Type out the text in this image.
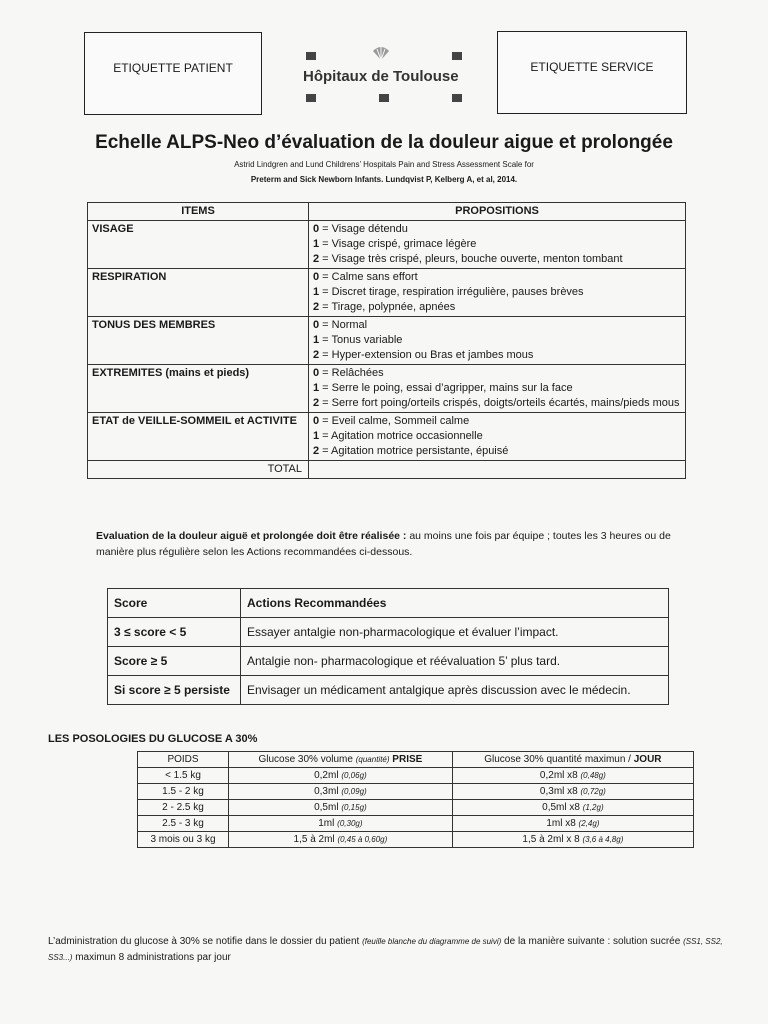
ETIQUETTE PATIENT	ETIQUETTE SERVICE
Hôpitaux de Toulouse
Echelle ALPS-Neo d’évaluation de la douleur aigue et prolongée
Astrid Lindgren and Lund Childrens’ Hospitals Pain and Stress Assessment Scale for
Preterm and Sick Newborn Infants. Lundqvist P, Kelberg A, et al, 2014.
ITEMS	PROPOSITIONS
VISAGE	0 = Visage détendu
1 = Visage crispé, grimace légère
2 = Visage très crispé, pleurs, bouche ouverte, menton tombant

RESPIRATION	0 = Calme sans effort
1 = Discret tirage, respiration irrégulière, pauses brèves
2 = Tirage, polypnée, apnées

TONUS DES MEMBRES	0 = Normal
1 = Tonus variable
2 = Hyper-extension ou Bras et jambes mous

EXTREMITES (mains et pieds)	0 = Relâchées
1 = Serre le poing, essai d’agripper, mains sur la face
2 = Serre fort poing/orteils crispés, doigts/orteils écartés, mains/pieds mous

ETAT de VEILLE-SOMMEIL et ACTIVITE	0 = Eveil calme, Sommeil calme
1 = Agitation motrice occasionnelle
2 = Agitation motrice persistante, épuisé

TOTAL	
Evaluation de la douleur aiguë et prolongée doit être réalisée : au moins une fois par équipe ; toutes les 3 heures ou de manière plus régulière selon les Actions recommandées ci-dessous.
Score	Actions Recommandées
3 ≤ score < 5	Essayer antalgie non-pharmacologique et évaluer l’impact.
Score ≥ 5	Antalgie non- pharmacologique et réévaluation 5’ plus tard.
Si score ≥ 5 persiste	Envisager un médicament antalgique après discussion avec le médecin.
LES POSOLOGIES DU GLUCOSE A 30%
POIDS	Glucose 30% volume (quantité) PRISE	Glucose 30% quantité maximun / JOUR
< 1.5 kg	0,2ml (0,06g)	0,2ml x8 (0,48g)
1.5 - 2 kg	0,3ml (0,09g)	0,3ml x8 (0,72g)
2 - 2.5 kg	0,5ml (0,15g)	0,5ml x8 (1,2g)
2.5 - 3 kg	1ml (0,30g)	1ml x8 (2,4g)
3 mois ou 3 kg	1,5 à 2ml (0,45 à 0,60g)	1,5 à 2ml x 8 (3,6 à 4,8g)
L’administration du glucose à 30% se notifie dans le dossier du patient (feuille blanche du diagramme de suivi) de la manière suivante : solution sucrée (SS1, SS2, SS3...) maximun 8 administrations par jour
